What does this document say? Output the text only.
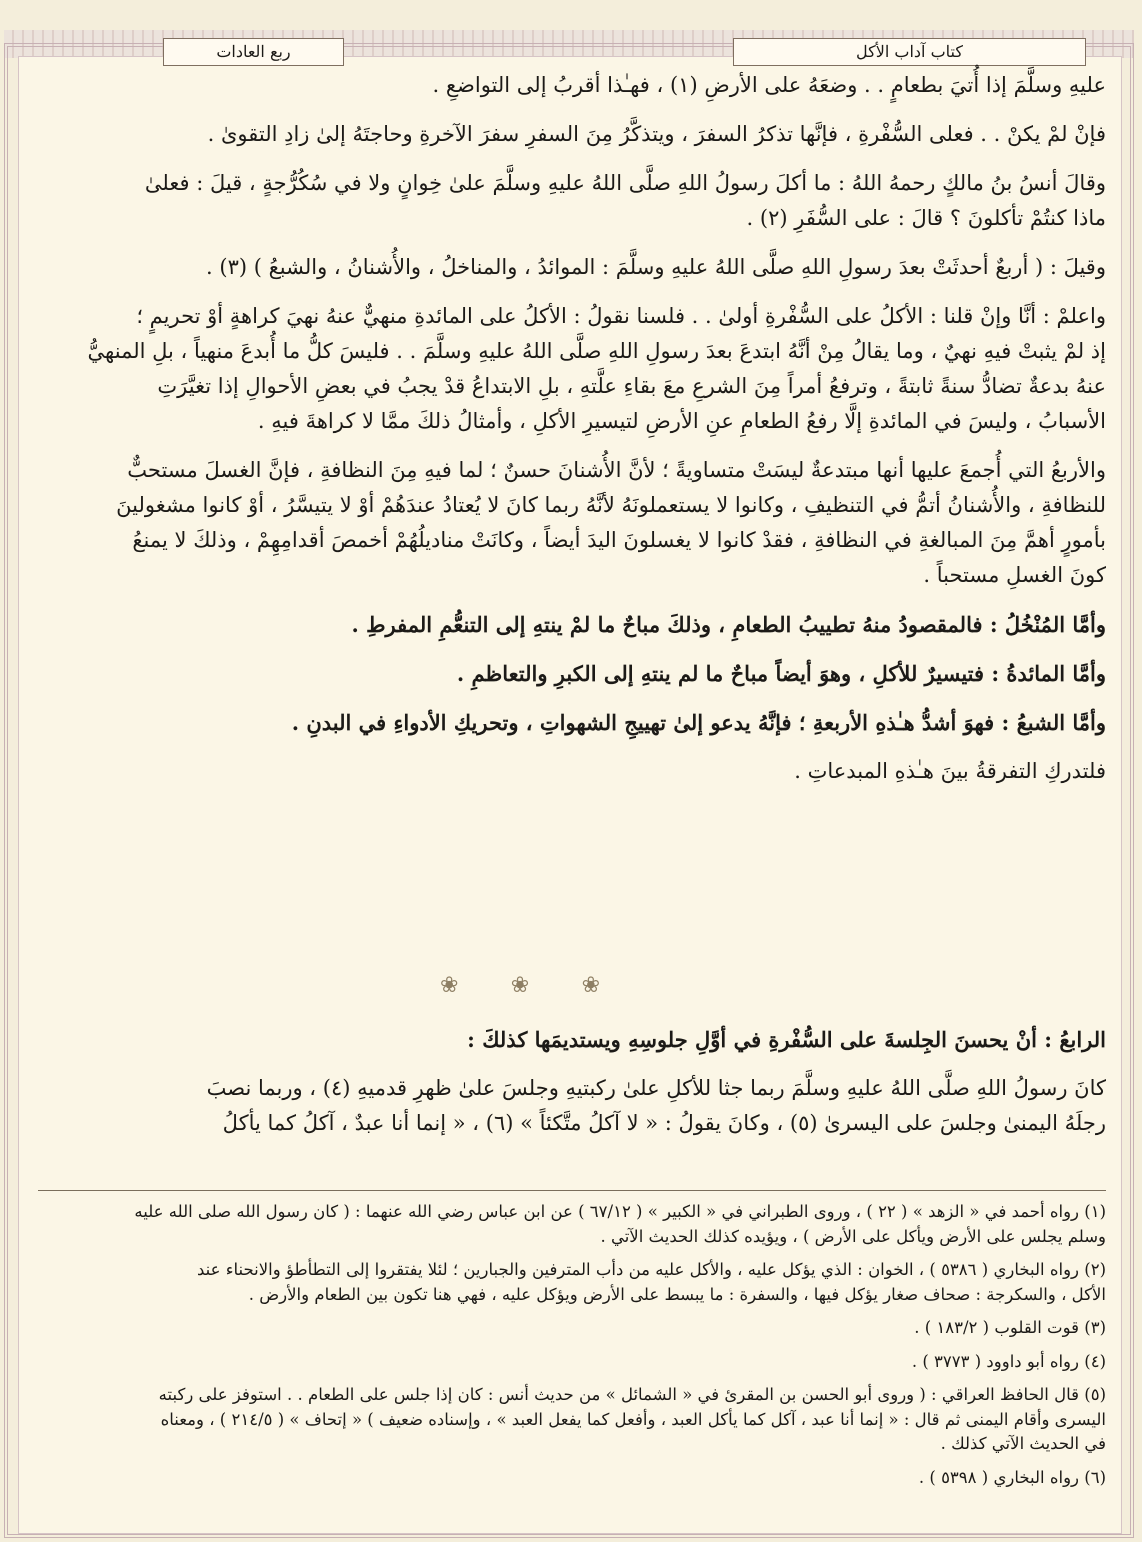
كتاب آداب الأكل
ربع العادات

عليهِ وسلَّمَ إذا أُتيَ بطعامٍ . . وضعَهُ على الأرضِ (١) ، فهـٰذا أقربُ إلى التواضعِ .

فإنْ لمْ يكنْ . . فعلى السُّفْرةِ ، فإنَّها تذكرُ السفرَ ، ويتذكَّرُ مِنَ السفرِ سفرَ الآخرةِ وحاجتَهُ إلىٰ زادِ التقوىٰ .

وقالَ أنسُ بنُ مالكٍ رحمهُ اللهُ : ما أكلَ رسولُ اللهِ صلَّى اللهُ عليهِ وسلَّمَ علىٰ خِوانٍ ولا في سُكُرُّجةٍ ، قيلَ : فعلىٰ

ماذا كنتُمْ تأكلونَ ؟ قالَ : على السُّفَرِ (٢) .

وقيلَ : ( أربعٌ أحدثَتْ بعدَ رسولِ اللهِ صلَّى اللهُ عليهِ وسلَّمَ : الموائدُ ، والمناخلُ ، والأُشنانُ ، والشبعُ ) (٣) .

واعلمْ : أنَّا وإنْ قلنا : الأكلُ على السُّفْرةِ أولىٰ . . فلسنا نقولُ : الأكلُ على المائدةِ منهيٌّ عنهُ نهيَ كراهةٍ أوْ تحريمٍ ؛

إذ لمْ يثبتْ فيهِ نهيٌ ، وما يقالُ مِنْ أنَّهُ ابتدعَ بعدَ رسولِ اللهِ صلَّى اللهُ عليهِ وسلَّمَ . . فليسَ كلُّ ما أُبدعَ منهياً ، بلِ المنهيُّ

عنهُ بدعةٌ تضادُّ سنةً ثابتةً ، وترفعُ أمراً مِنَ الشرعِ معَ بقاءِ علَّتهِ ، بلِ الابتداعُ قدْ يجبُ في بعضِ الأحوالِ إذا تغيَّرَتِ

الأسبابُ ، وليسَ في المائدةِ إلَّا رفعُ الطعامِ عنِ الأرضِ لتيسيرِ الأكلِ ، وأمثالُ ذلكَ ممَّا لا كراهةَ فيهِ .

والأربعُ التي أُجمعَ عليها أنها مبتدعةٌ ليسَتْ متساويةً ؛ لأنَّ الأُشنانَ حسنٌ ؛ لما فيهِ مِنَ النظافةِ ، فإنَّ الغسلَ مستحبٌّ

للنظافةِ ، والأُشنانُ أتمُّ في التنظيفِ ، وكانوا لا يستعملونَهُ لأنَّهُ ربما كانَ لا يُعتادُ عندَهُمْ أوْ لا يتيسَّرُ ، أوْ كانوا مشغولينَ

بأمورٍ أهمَّ مِنَ المبالغةِ في النظافةِ ، فقدْ كانوا لا يغسلونَ اليدَ أيضاً ، وكانَتْ مناديلُهُمْ أخمصَ أقدامِهِمْ ، وذلكَ لا يمنعُ

كونَ الغسلِ مستحباً .

وأمَّا المُنْخُلُ : فالمقصودُ منهُ تطييبُ الطعامِ ، وذلكَ مباحٌ ما لمْ ينتهِ إلى التنعُّمِ المفرطِ .

وأمَّا المائدةُ : فتيسيرٌ للأكلِ ، وهوَ أيضاً مباحٌ ما لم ينتهِ إلى الكبرِ والتعاظمِ .

وأمَّا الشبعُ : فهوَ أشدُّ هـٰذهِ الأربعةِ ؛ فإنَّهُ يدعو إلىٰ تهييجِ الشهواتِ ، وتحريكِ الأدواءِ في البدنِ .

فلتدركِ التفرقةُ بينَ هـٰذهِ المبدعاتِ .

❀ ❀ ❀

الرابعُ : أنْ يحسنَ الجِلسةَ على السُّفْرةِ في أوَّلِ جلوسِهِ ويستديمَها كذلكَ :

كانَ رسولُ اللهِ صلَّى اللهُ عليهِ وسلَّمَ ربما جثا للأكلِ علىٰ ركبتيهِ وجلسَ علىٰ ظهرِ قدميهِ (٤) ، وربما نصبَ

رجلَهُ اليمنىٰ وجلسَ على اليسرىٰ (٥) ، وكانَ يقولُ : « لا آكلُ متَّكئاً » (٦) ، « إنما أنا عبدٌ ، آكلُ كما يأكلُ

(١) رواه أحمد في « الزهد » ( ٢٢ ) ، وروى الطبراني في « الكبير » ( ٦٧/١٢ ) عن ابن عباس رضي الله عنهما : ( كان رسول الله صلى الله عليه
وسلم يجلس على الأرض ويأكل على الأرض ) ، ويؤيده كذلك الحديث الآتي .

(٢) رواه البخاري ( ٥٣٨٦ ) ، الخوان : الذي يؤكل عليه ، والأكل عليه من دأب المترفين والجبارين ؛ لئلا يفتقروا إلى التطأطؤ والانحناء عند
الأكل ، والسكرجة : صحاف صغار يؤكل فيها ، والسفرة : ما يبسط على الأرض ويؤكل عليه ، فهي هنا تكون بين الطعام والأرض .

(٣) قوت القلوب ( ١٨٣/٢ ) .

(٤) رواه أبو داوود ( ٣٧٧٣ ) .

(٥) قال الحافظ العراقي : ( وروى أبو الحسن بن المقرئ في « الشمائل » من حديث أنس : كان إذا جلس على الطعام . . استوفز على ركبته
اليسرى وأقام اليمنى ثم قال : « إنما أنا عبد ، آكل كما يأكل العبد ، وأفعل كما يفعل العبد » ، وإسناده ضعيف ) « إتحاف » ( ٢١٤/٥ ) ، ومعناه
في الحديث الآتي كذلك .

(٦) رواه البخاري ( ٥٣٩٨ ) .
